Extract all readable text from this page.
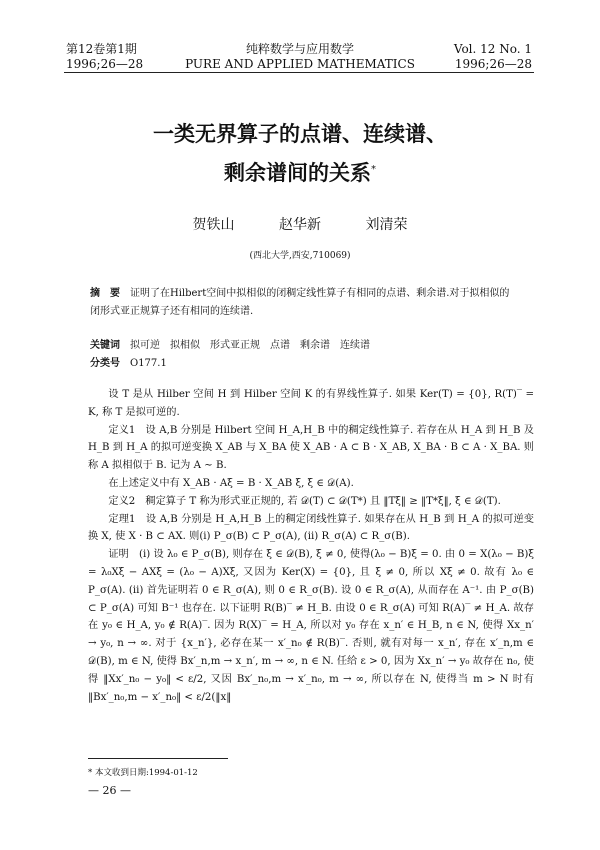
第12卷第1期
1996;26—28
纯粹数学与应用数学
PURE AND APPLIED MATHEMATICS
Vol. 12 No. 1
1996;26—28
一类无界算子的点谱、连续谱、
剩余谱间的关系*
贺铁山	赵华新	刘清荣
(西北大学,西安,710069)
摘　要 证明了在Hilbert空间中拟相似的闭稠定线性算子有相同的点谱、剩余谱.对于拟相似的闭形式亚正规算子还有相同的连续谱.
关键词 拟可逆　拟相似　形式亚正规　点谱　剩余谱　连续谱
分类号 O177.1

设 T 是从 Hilber 空间 H 到 Hilber 空间 K 的有界线性算子. 如果 Ker(T) = {0}, R(T)‾ = K, 称 T 是拟可逆的.

定义1　设 A,B 分别是 Hilbert 空间 H_A,H_B 中的稠定线性算子. 若存在从 H_A 到 H_B 及 H_B 到 H_A 的拟可逆变换 X_AB 与 X_BA 使 X_AB · A ⊂ B · X_AB, X_BA · B ⊂ A · X_BA. 则称 A 拟相似于 B. 记为 A ∼ B.

在上述定义中有 X_AB · Aξ = B · X_AB ξ, ξ ∈ 𝒟(A).

定义2　稠定算子 T 称为形式亚正规的, 若 𝒟(T) ⊂ 𝒟(T*) 且 ‖Tξ‖ ≥ ‖T*ξ‖, ξ ∈ 𝒟(T).

定理1　设 A,B 分别是 H_A,H_B 上的稠定闭线性算子. 如果存在从 H_B 到 H_A 的拟可逆变换 X, 使 X · B ⊂ AX. 则(i) P_σ(B) ⊂ P_σ(A), (ii) R_σ(A) ⊂ R_σ(B).

证明　(i) 设 λ₀ ∈ P_σ(B), 则存在 ξ ∈ 𝒟(B), ξ ≠ 0, 使得(λ₀ − B)ξ = 0. 由 0 = X(λ₀ − B)ξ = λ₀Xξ − AXξ = (λ₀ − A)Xξ, 又因为 Ker(X) = {0}, 且 ξ ≠ 0, 所以 Xξ ≠ 0. 故有 λ₀ ∈ P_σ(A). (ii) 首先证明若 0 ∈ R_σ(A), 则 0 ∈ R_σ(B). 设 0 ∈ R_σ(A), 从而存在 A⁻¹. 由 P_σ(B) ⊂ P_σ(A) 可知 B⁻¹ 也存在. 以下证明 R(B)‾ ≠ H_B. 由设 0 ∈ R_σ(A) 可知 R(A)‾ ≠ H_A. 故存在 y₀ ∈ H_A, y₀ ∉ R(A)‾. 因为 R(X)‾ = H_A, 所以对 y₀ 存在 x_n′ ∈ H_B, n ∈ N, 使得 Xx_n′ → y₀, n → ∞. 对于 {x_n′}, 必存在某一 x′_n₀ ∉ R(B)‾. 否则, 就有对每一 x_n′, 存在 x′_n,m ∈ 𝒟(B), m ∈ N, 使得 Bx′_n,m → x_n′, m → ∞, n ∈ N. 任给 ε > 0, 因为 Xx_n′ → y₀ 故存在 n₀, 使得 ‖Xx′_n₀ − y₀‖ < ε/2, 又因 Bx′_n₀,m → x′_n₀, m → ∞, 所以存在 N, 使得当 m > N 时有 ‖Bx′_n₀,m − x′_n₀‖ < ε/2(‖x‖

* 本文收到日期:1994-01-12
— 26 —
